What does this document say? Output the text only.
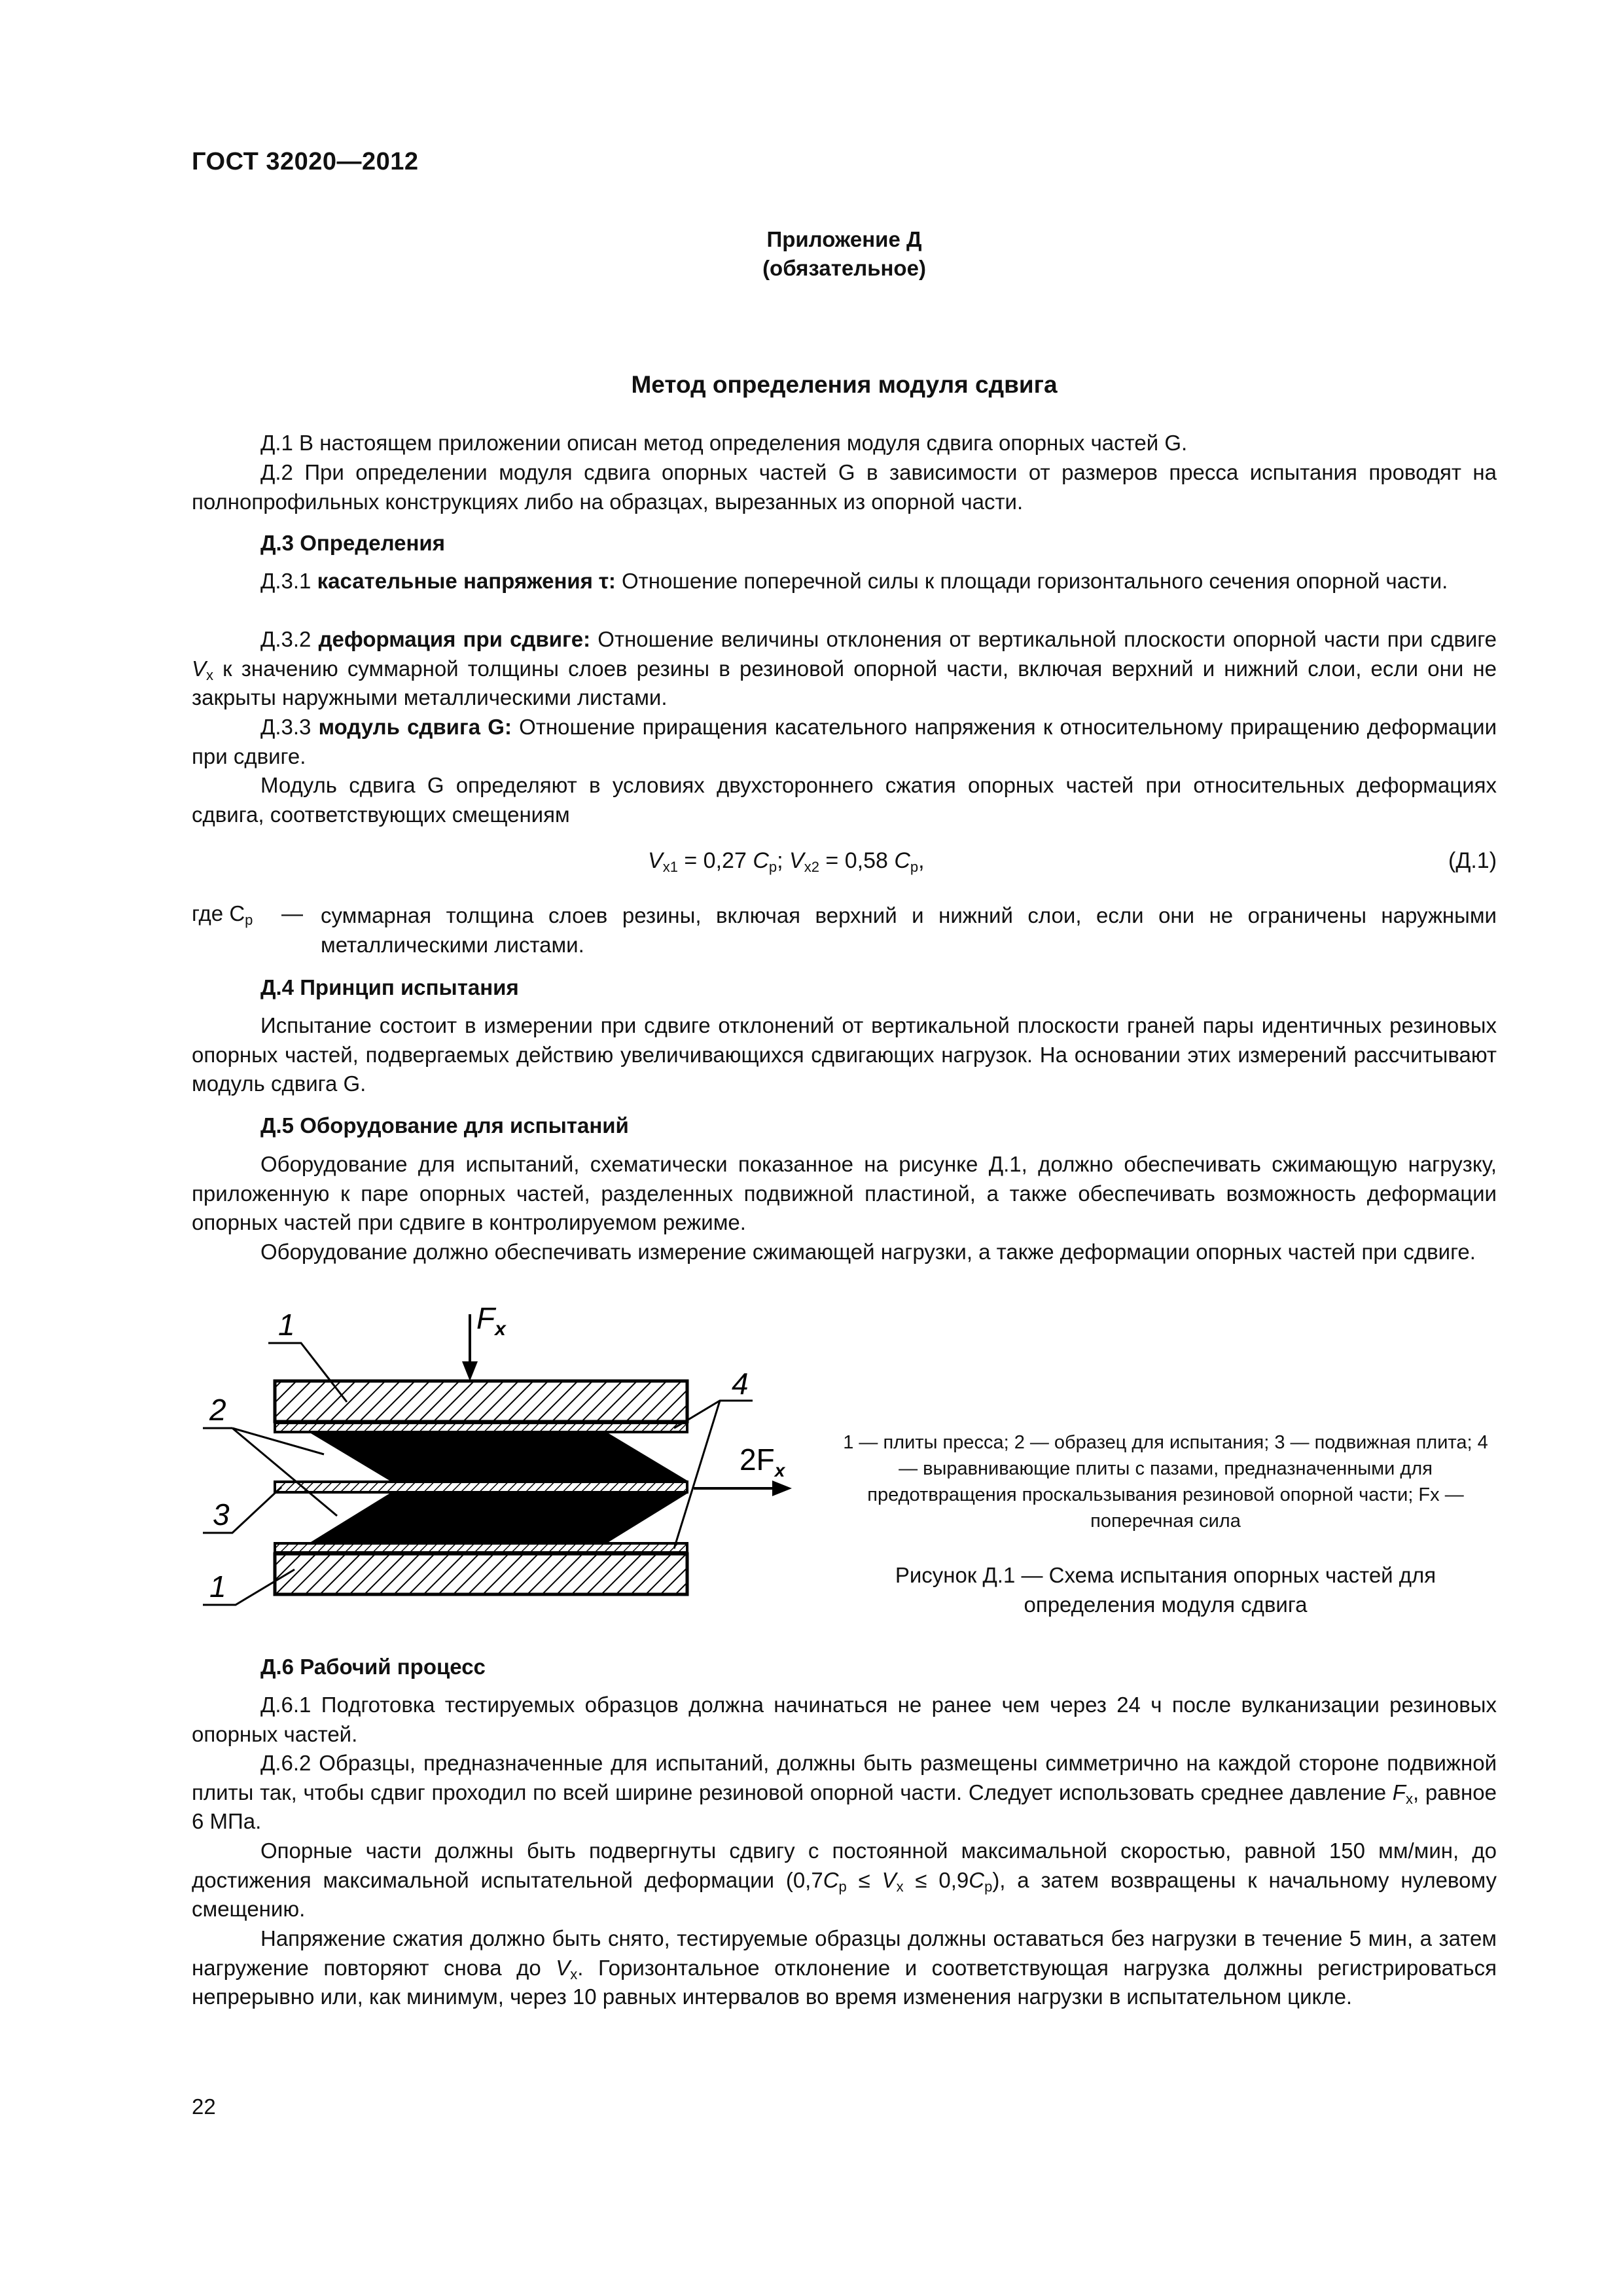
ГОСТ 32020—2012
Приложение Д
(обязательное)
Метод определения модуля сдвига

Д.1 В настоящем приложении описан метод определения модуля сдвига опорных частей G.

Д.2 При определении модуля сдвига опорных частей G в зависимости от размеров пресса испытания проводят на полнопрофильных конструкциях либо на образцах, вырезанных из опорной части.

Д.3 Определения

Д.3.1 касательные напряжения τ: Отношение поперечной силы к площади горизонтального сечения опорной части.

Д.3.2 деформация при сдвиге: Отношение величины отклонения от вертикальной плоскости опорной части при сдвиге $V_x$ к значению суммарной толщины слоев резины в резиновой опорной части, включая верхний и нижний слои, если они не закрыты наружными металлическими листами.

Д.3.3 модуль сдвига G: Отношение приращения касательного напряжения к относительному приращению деформации при сдвиге.

Модуль сдвига G определяют в условиях двухстороннего сжатия опорных частей при относительных деформациях сдвига, соответствующих смещениям

$V_{x1} = 0,27$ $C_p$; $V_{x2} = 0,58$ $C_p$,	(Д.1)
где $C_p$ — суммарная толщина слоев резины, включая верхний и нижний слои, если они не ограничены наружными металлическими листами.

Д.4 Принцип испытания

Испытание состоит в измерении при сдвиге отклонений от вертикальной плоскости граней пары идентичных резиновых опорных частей, подвергаемых действию увеличивающихся сдвигающих нагрузок. На основании этих измерений рассчитывают модуль сдвига G.

Д.5 Оборудование для испытаний

Оборудование для испытаний, схематически показанное на рисунке Д.1, должно обеспечивать сжимающую нагрузку, приложенную к паре опорных частей, разделенных подвижной пластиной, а также обеспечивать возможность деформации опорных частей при сдвиге в контролируемом режиме.

Оборудование должно обеспечивать измерение сжимающей нагрузки, а также деформации опорных частей при сдвиге.

$F_x$
$2F_x$
1
2
3
1
4
1 — плиты пресса; 2 — образец для испытания; 3 — подвижная плита; 4 — выравнивающие плиты с пазами, предназначенными для предотвращения проскальзывания резиновой опорной части; Fx — поперечная сила
Рисунок Д.1 — Схема испытания опорных частей для определения модуля сдвига

Д.6 Рабочий процесс

Д.6.1 Подготовка тестируемых образцов должна начинаться не ранее чем через 24 ч после вулканизации резиновых опорных частей.

Д.6.2 Образцы, предназначенные для испытаний, должны быть размещены симметрично на каждой стороне подвижной плиты так, чтобы сдвиг проходил по всей ширине резиновой опорной части. Следует использовать среднее давление $F_x$, равное 6 МПа.

Опорные части должны быть подвергнуты сдвигу с постоянной максимальной скоростью, равной 150 мм/мин, до достижения максимальной испытательной деформации $(0,7C_p \le V_x \le 0,9C_p)$, а затем возвращены к начальному нулевому смещению.

Напряжение сжатия должно быть снято, тестируемые образцы должны оставаться без нагрузки в течение 5 мин, а затем нагружение повторяют снова до $V_x$. Горизонтальное отклонение и соответствующая нагрузка должны регистрироваться непрерывно или, как минимум, через 10 равных интервалов во время изменения нагрузки в испытательном цикле.

22
